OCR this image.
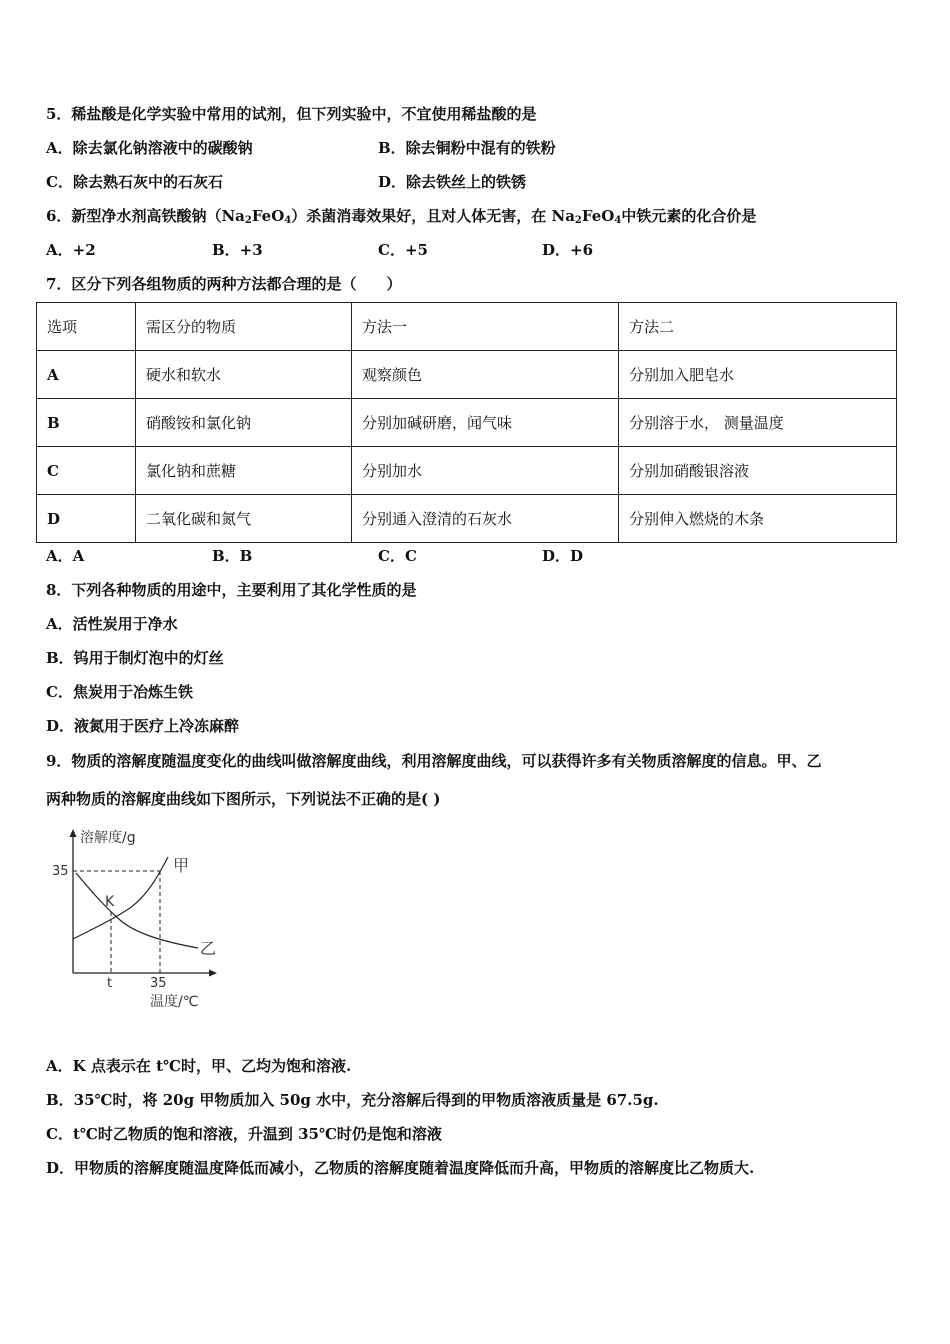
5．稀盐酸是化学实验中常用的试剂，但下列实验中，不宜使用稀盐酸的是
A．除去氯化钠溶液中的碳酸钠	B．除去铜粉中混有的铁粉
C．除去熟石灰中的石灰石	D．除去铁丝上的铁锈
6．新型净水剂高铁酸钠$(Na_2FeO_4)$杀菌消毒效果好，且对人体无害，在 $Na_2FeO_4$中铁元素的化合价是
A．+2	B．+3	C．+5	D．+6
7．区分下列各组物质的两种方法都合理的是（　　）
选项	需区分的物质	方法一	方法二
A	硬水和软水	观察颜色	分别加入肥皂水
B	硝酸铵和氯化钠	分别加碱研磨，闻气味	分别溶于水， 测量温度
C	氯化钠和蔗糖	分别加水	分别加硝酸银溶液
D	二氧化碳和氮气	分别通入澄清的石灰水	分别伸入燃烧的木条
A．A	B．B	C．C	D．D
8．下列各种物质的用途中，主要利用了其化学性质的是
A．活性炭用于净水
B．钨用于制灯泡中的灯丝
C．焦炭用于冶炼生铁
D．液氮用于医疗上冷冻麻醉
9．物质的溶解度随温度变化的曲线叫做溶解度曲线，利用溶解度曲线，可以获得许多有关物质溶解度的信息。甲、乙
两种物质的溶解度曲线如下图所示，下列说法不正确的是( )
溶解度/g
温度/℃
35
t	35
甲
乙
K
A．K 点表示在 t℃时，甲、乙均为饱和溶液.
B．35℃时，将 20g 甲物质加入 50g 水中，充分溶解后得到的甲物质溶液质量是 67.5g.
C．t℃时乙物质的饱和溶液，升温到 35℃时仍是饱和溶液
D．甲物质的溶解度随温度降低而减小，乙物质的溶解度随着温度降低而升高，甲物质的溶解度比乙物质大.
